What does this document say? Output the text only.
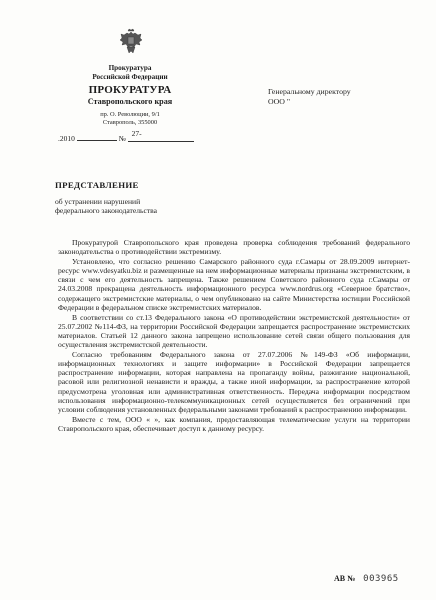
Прокуратура
Российской Федерации
ПРОКУРАТУРА
Ставропольского края
пр. О. Революции, 9/1
Ставрополь, 355000
.2010	№ 27-
Генеральному директору
ООО "
ПРЕДСТАВЛЕНИЕ
об устранении нарушений
федерального законодательства

Прокуратурой Ставропольского края проведена проверка соблюдения требований федерального законодательства о противодействии экстремизму.

Установлено, что согласно решению Самарского районного суда г.Самары от 28.09.2009 интернет-ресурс www.vdesyatku.biz и размещенные на нем информационные материалы признаны экстремистским, в связи с чем его деятельность запрещена. Также решением Советского районного суда г.Самары от 24.03.2008 прекращена деятельность информационного ресурса www.nordrus.org «Северное братство», содержащего экстремистские материалы, о чем опубликовано на сайте Министерства юстиции Российской Федерации в федеральном списке экстремистских материалов.

В соответствии со ст.13 Федерального закона «О противодействии экстремистской деятельности» от 25.07.2002 №114-ФЗ, на территории Российской Федерации запрещается распространение экстремистских материалов. Статьей 12 данного закона запрещено использование сетей связи общего пользования для осуществления экстремистской деятельности.

Согласно требованиям Федерального закона от 27.07.2006 №149-ФЗ «Об информации, информационных технологиях и защите информации» в Российской Федерации запрещается распространение информации, которая направлена на пропаганду войны, разжигание национальной, расовой или религиозной ненависти и вражды, а также иной информации, за распространение которой предусмотрена уголовная или административная ответственность. Передача информации посредством использования информационно-телекоммуникационных сетей осуществляется без ограничений при условии соблюдения установленных федеральными законами требований к распространению информации.

Вместе с тем, ООО « », как компания, предоставляющая телематические услуги на территории Ставропольского края, обеспечивает доступ к данному ресурсу.

АВ № 003965
